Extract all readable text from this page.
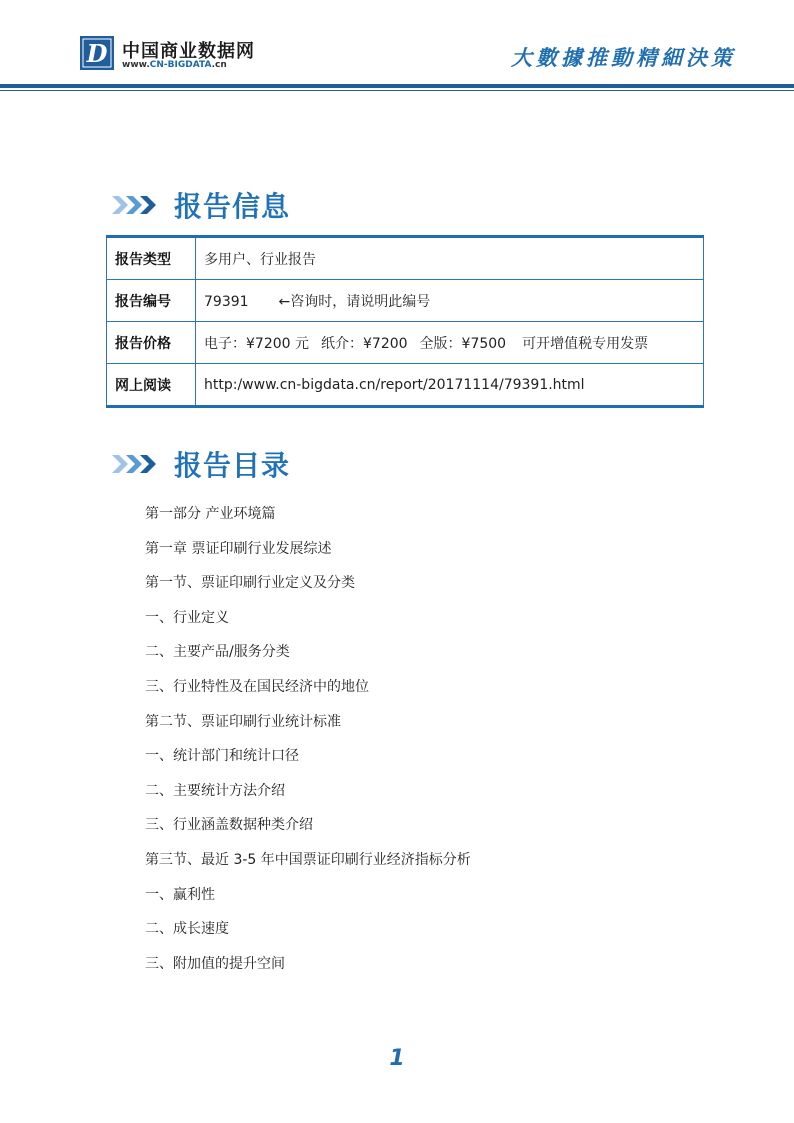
D 中国商业数据网
www.CN-BIGDATA.cn	大數據推動精細決策
报告信息
报告类型	多用户、行业报告
报告编号	79391 ←咨询时，请说明此编号
报告价格	电子：¥7200 元 纸介：¥7200 全版：¥7500 可开增值税专用发票
网上阅读	http:/www.cn-bigdata.cn/report/20171114/79391.html
报告目录
第一部分 产业环境篇
第一章 票证印刷行业发展综述
第一节、票证印刷行业定义及分类
一、行业定义
二、主要产品/服务分类
三、行业特性及在国民经济中的地位
第二节、票证印刷行业统计标准
一、统计部门和统计口径
二、主要统计方法介绍
三、行业涵盖数据种类介绍
第三节、最近 3-5 年中国票证印刷行业经济指标分析
一、赢利性
二、成长速度
三、附加值的提升空间
1
